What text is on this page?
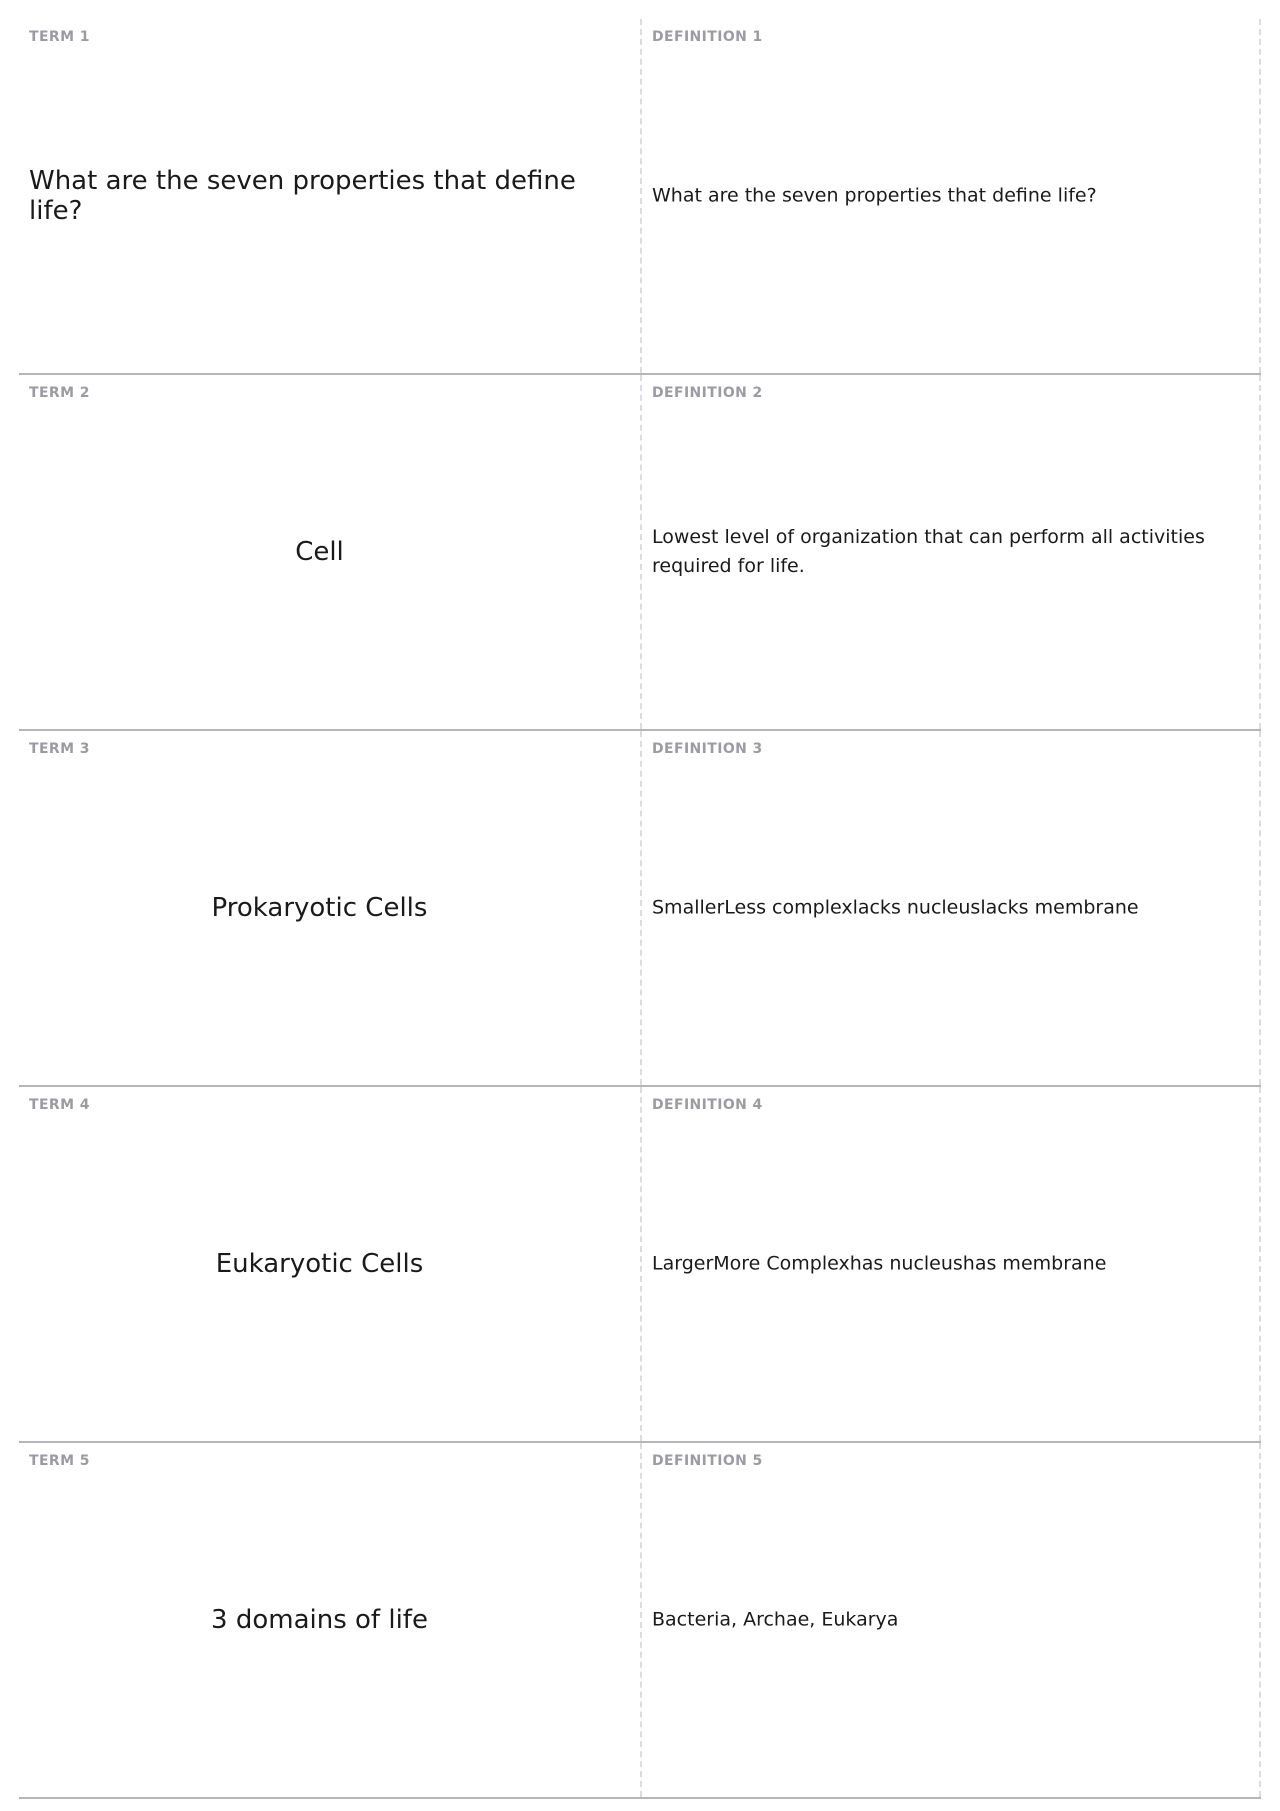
TERM 1
What are the seven properties that define life?
DEFINITION 1
What are the seven properties that define life?
TERM 2
Cell
DEFINITION 2
Lowest level of organization that can perform all activities required for life.
TERM 3
Prokaryotic Cells
DEFINITION 3
SmallerLess complexlacks nucleuslacks membrane
TERM 4
Eukaryotic Cells
DEFINITION 4
LargerMore Complexhas nucleushas membrane
TERM 5
3 domains of life
DEFINITION 5
Bacteria, Archae, Eukarya
